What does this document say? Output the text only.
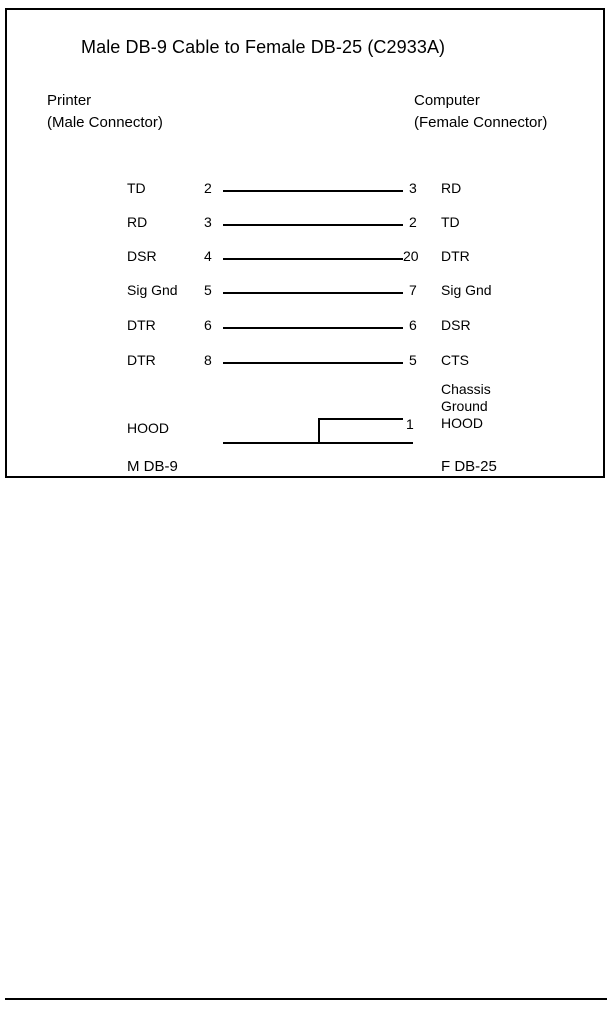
Male DB-9 Cable to Female DB-25 (C2933A)
Printer
(Male Connector)
Computer
(Female Connector)
TD	2	3	RD
RD	3	2	TD
DSR	4	20	DTR
Sig Gnd 5	7	Sig Gnd
DTR	6	6	DSR
DTR	8	5	CTS
Chassis
Ground
HOOD
HOOD	1
M DB-9	F DB-25
